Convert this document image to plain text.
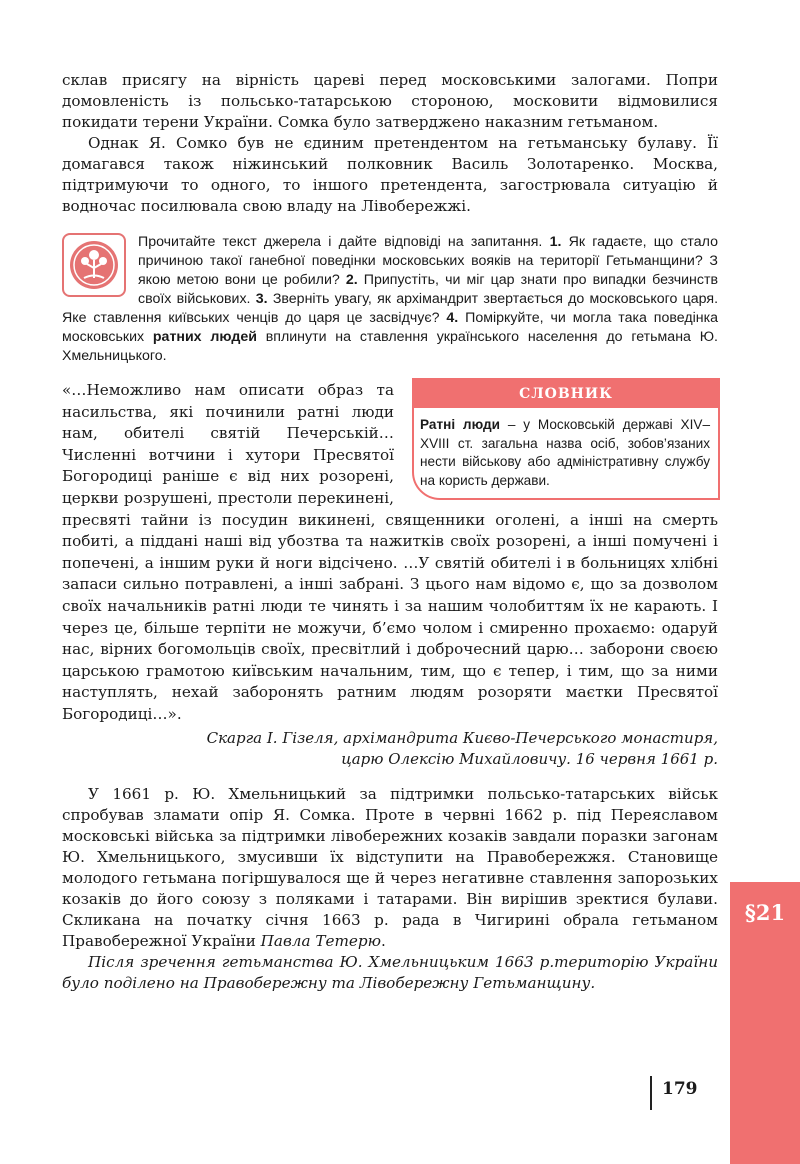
склав присягу на вірність цареві перед московськими залогами. Попри домовленість із польсько-татарською стороною, московити відмовилися покидати терени України. Сомка було затверджено наказним гетьманом.

Однак Я. Сомко був не єдиним претендентом на гетьманську булаву. Її домагався також ніжинський полковник Василь Золотаренко. Москва, підтримуючи то одного, то іншого претендента, загострювала ситуацію й водночас посилювала свою владу на Лівобережжі.

Прочитайте текст джерела і дайте відповіді на запитання. 1. Як гадаєте, що стало причиною такої ганебної поведінки московських вояків на території Гетьманщини? З якою метою вони це робили? 2. Припустіть, чи міг цар знати про випадки безчинств своїх військових. 3. Зверніть увагу, як архімандрит звертається до московського царя. Яке ставлення київських ченців до царя це засвідчує? 4. Поміркуйте, чи могла така поведінка московських ратних людей вплинути на ставлення українського населення до гетьмана Ю. Хмельницького.
СЛОВНИК
Ратні люди – у Московській державі XIV–XVIII ст. загальна назва осіб, зобов’язаних нести військову або адміністративну службу на користь держави.

«…Неможливо нам описати образ та насильства, які починили ратні люди нам, обителі святій Печерській… Численні вотчини і хутори Пресвятої Богородиці раніше є від них розорені, церкви розрушені, престоли перекинені, пресвяті тайни із посудин викинені, священники оголені, а інші на смерть побиті, а піддані наші від убозтва та нажитків своїх розорені, а інші помучені і попечені, а іншим руки й ноги відсічено. …У святій обителі і в больницях хлібні запаси сильно потравлені, а інші забрані. З цього нам відомо є, що за дозволом своїх начальників ратні люди те чинять і за нашим чолобиттям їх не карають. І через це, більше терпіти не можучи, б’ємо чолом і смиренно прохаємо: одаруй нас, вірних богомольців своїх, пресвітлий і доброчесний царю… заборони своєю царською грамотою київським начальним, тим, що є тепер, і тим, що за ними наступлять, нехай заборонять ратним людям розоряти маєтки Пресвятої Богородиці…».

Скарга І. Гізеля, архімандрита Києво-Печерського монастиря,
царю Олексію Михайловичу. 16 червня 1661 р.

У 1661 р. Ю. Хмельницький за підтримки польсько-татарських військ спробував зламати опір Я. Сомка. Проте в червні 1662 р. під Переяславом московські війська за підтримки лівобережних козаків завдали поразки загонам Ю. Хмельницького, змусивши їх відступити на Правобережжя. Становище молодого гетьмана погіршувалося ще й через негативне ставлення запорозьких козаків до його союзу з поляками і татарами. Він вирішив зректися булави. Скликана на початку січня 1663 р. рада в Чигирині обрала гетьманом Правобережної України Павла Тетерю.

Після зречення гетьманства Ю. Хмельницьким 1663 р.територію України було поділено на Правобережну та Лівобережну Гетьманщину.

§21
179
